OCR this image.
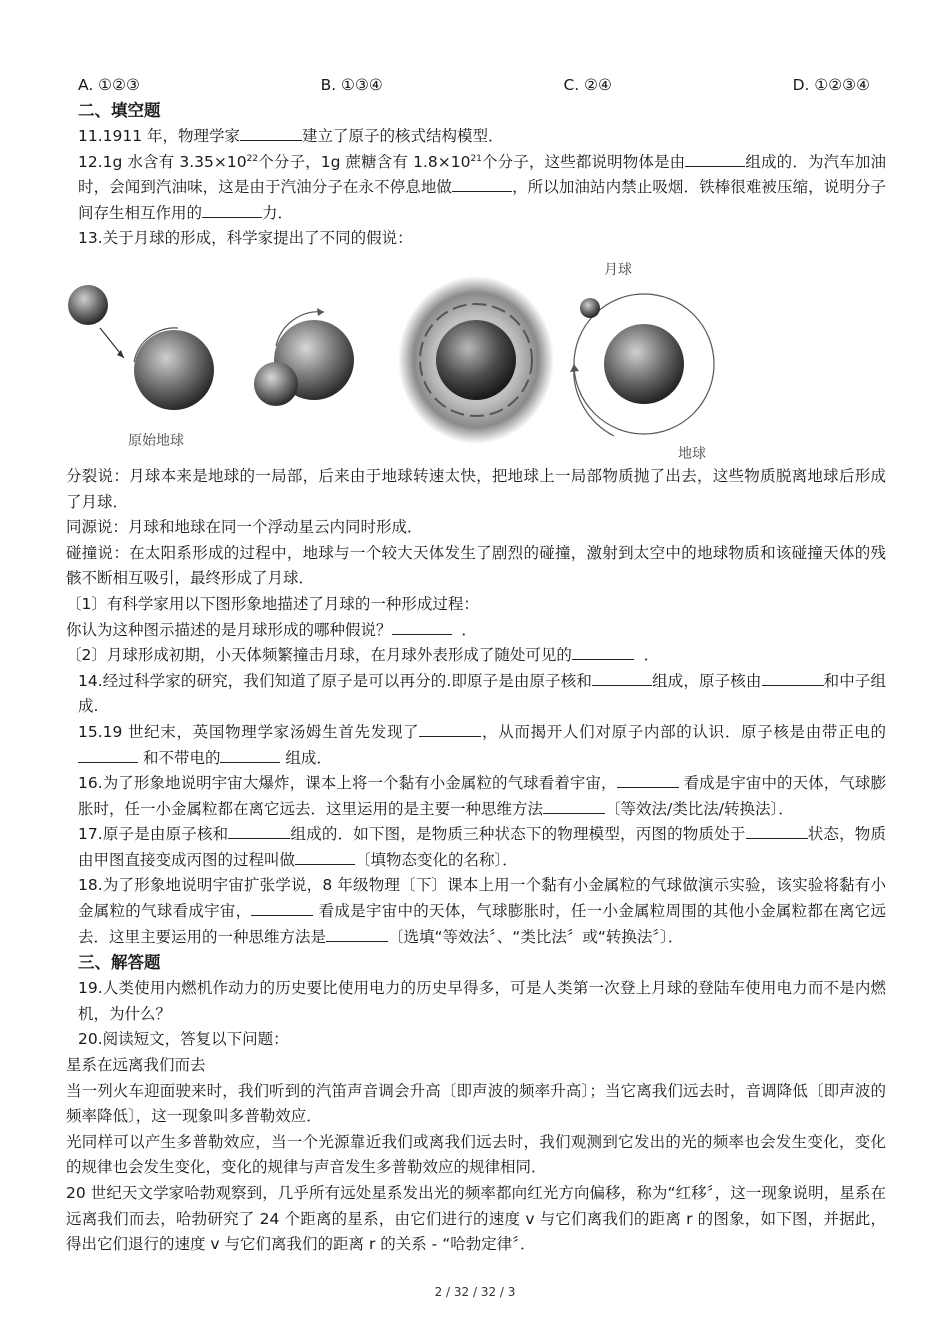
A. ①②③	B. ①③④	C. ②④	D. ①②③④
二、填空题

11.1911 年，物理学家	建立了原子的核式结构模型．

12.1g 水含有 $3.35\times 10^{22}$个分子，1g 蔗糖含有 $1.8\times 10^{21}$个分子，这些都说明物体是由	组成的．为汽车加油时，会闻到汽油味，这是由于汽油分子在永不停息地做	，所以加油站内禁止吸烟．铁棒很难被压缩，说明分子间存生相互作用的	力．

13.关于月球的形成，科学家提出了不同的假说：

原始地球
月球
地球

分裂说：月球本来是地球的一局部，后来由于地球转速太快，把地球上一局部物质抛了出去，这些物质脱离地球后形成了月球．

同源说：月球和地球在同一个浮动星云内同时形成．

碰撞说：在太阳系形成的过程中，地球与一个较大天体发生了剧烈的碰撞，激射到太空中的地球物质和该碰撞天体的残骸不断相互吸引，最终形成了月球．

〔1〕有科学家用以下图形象地描述了月球的一种形成过程：

你认为这种图示描述的是月球形成的哪种假说？	．

〔2〕月球形成初期，小天体频繁撞击月球，在月球外表形成了随处可见的	．

14.经过科学家的研究，我们知道了原子是可以再分的.即原子是由原子核和	组成，原子核由	和中子组成.

15.19 世纪末，英国物理学家汤姆生首先发现了	，从而揭开人们对原子内部的认识．原子核是由带正电的 和不带电的	组成．

16.为了形象地说明宇宙大爆炸，课本上将一个黏有小金属粒的气球看着宇宙，	看成是宇宙中的天体，气球膨胀时，任一小金属粒都在离它远去．这里运用的是主要一种思维方法	〔等效法/类比法/转换法〕．

17.原子是由原子核和	组成的．如下图，是物质三种状态下的物理模型，丙图的物质处于	状态，物质由甲图直接变成丙图的过程叫做	〔填物态变化的名称〕．

18.为了形象地说明宇宙扩张学说，8 年级物理〔下〕课本上用一个黏有小金属粒的气球做演示实验，该实验将黏有小金属粒的气球看成宇宙，	看成是宇宙中的天体，气球膨胀时，任一小金属粒周围的其他小金属粒都在离它远去．这里主要运用的一种思维方法是	〔选填“等效法〞、“类比法〞或“转换法〞〕．

三、解答题

19.人类使用内燃机作动力的历史要比使用电力的历史早得多，可是人类第一次登上月球的登陆车使用电力而不是内燃机，为什么？

20.阅读短文，答复以下问题：

星系在远离我们而去

当一列火车迎面驶来时，我们听到的汽笛声音调会升高〔即声波的频率升高〕；当它离我们远去时，音调降低〔即声波的频率降低〕，这一现象叫多普勒效应．

光同样可以产生多普勒效应，当一个光源靠近我们或离我们远去时，我们观测到它发出的光的频率也会发生变化，变化的规律也会发生变化，变化的规律与声音发生多普勒效应的规律相同．

20 世纪天文学家哈勃观察到，几乎所有远处星系发出光的频率都向红光方向偏移，称为“红移〞，这一现象说明，星系在远离我们而去，哈勃研究了 24 个距离的星系，由它们进行的速度 v 与它们离我们的距离 r 的图象，如下图，并据此，得出它们退行的速度 v 与它们离我们的距离 r 的关系 - “哈勃定律〞．

2 / 32 / 32 / 3
